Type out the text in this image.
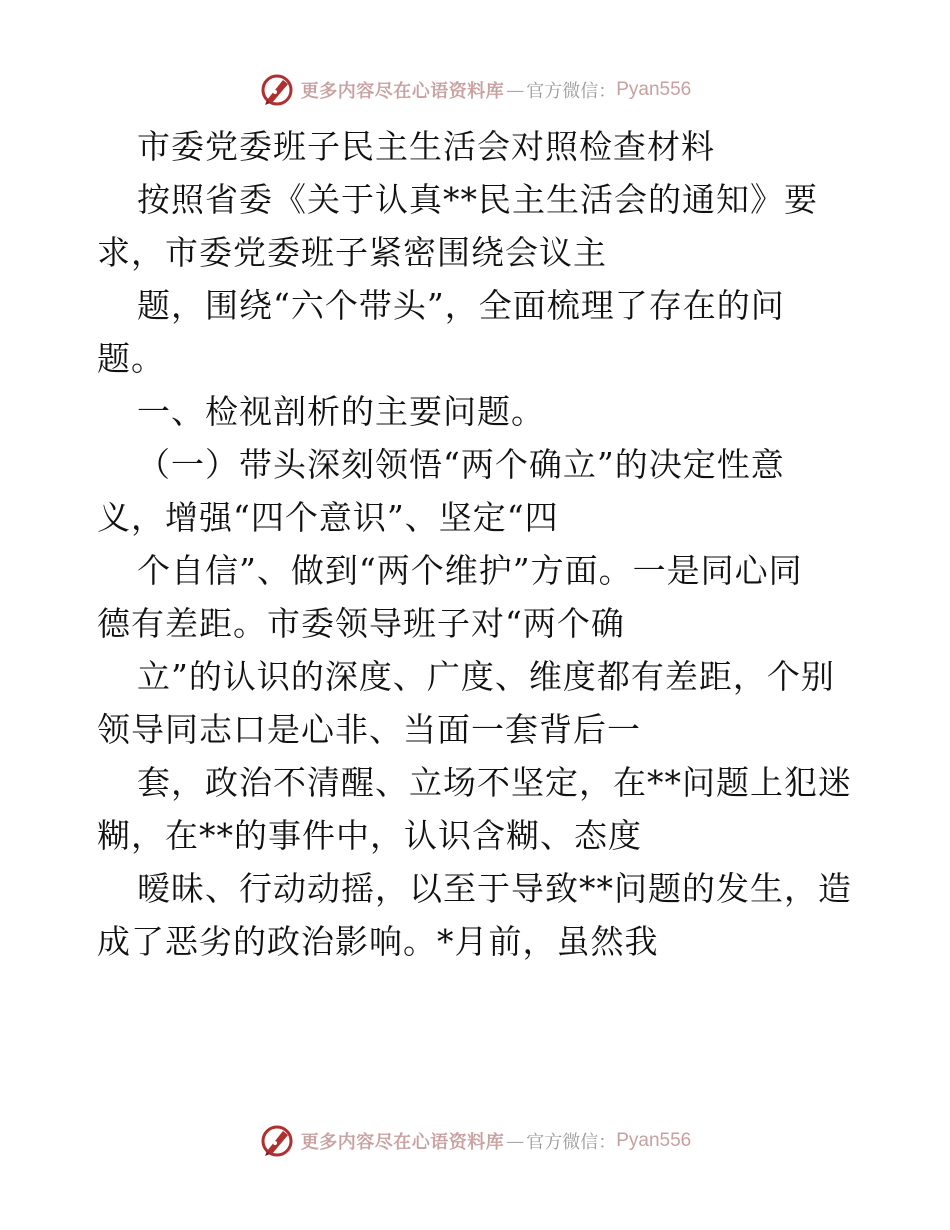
更多内容尽在心语资料库 — 官方微信： Pyan556
市委党委班子民主生活会对照检查材料
按照省委《关于认真**民主生活会的通知》要
求，市委党委班子紧密围绕会议主
题，围绕“六个带头”，全面梳理了存在的问
题。
一、检视剖析的主要问题。
（一）带头深刻领悟“两个确立”的决定性意
义，增强“四个意识”、坚定“四
个自信”、做到“两个维护”方面。一是同心同
德有差距。市委领导班子对“两个确
立”的认识的深度、广度、维度都有差距，个别
领导同志口是心非、当面一套背后一
套，政治不清醒、立场不坚定，在**问题上犯迷
糊，在**的事件中，认识含糊、态度
暧昧、行动动摇，以至于导致**问题的发生，造
成了恶劣的政治影响。*月前，虽然我
更多内容尽在心语资料库 — 官方微信： Pyan556
